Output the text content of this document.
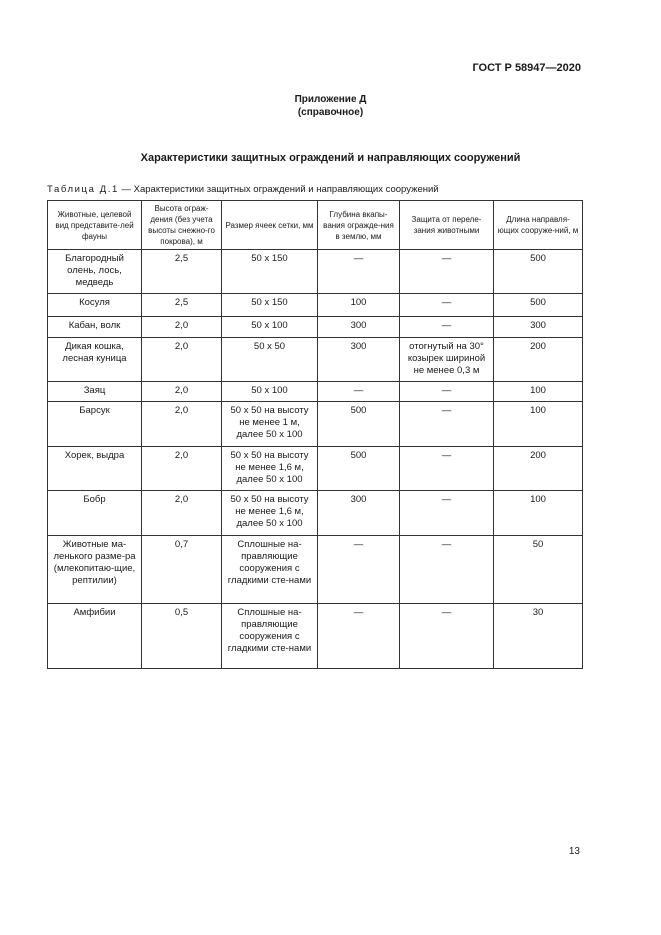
ГОСТ Р 58947—2020
Приложение Д
(справочное)
Характеристики защитных ограждений и направляющих сооружений
Таблица Д.1 — Характеристики защитных ограждений и направляющих сооружений
Животные, целевой вид представите-лей фауны	Высота ограж-дения (без учета высоты снежно-го покрова), м	Размер ячеек сетки, мм	Глубина вкапы-вания огражде-ния в землю, мм	Защита от переле-зания животными	Длина направля-ющих сооруже-ний, м
Благородный олень, лось, медведь	2,5	50 x 150	—	—	500
Косуля	2,5	50 x 150	100	—	500
Кабан, волк	2,0	50 x 100	300	—	300
Дикая кошка, лесная куница	2,0	50 x 50	300	отогнутый на 30° козырек шириной не менее 0,3 м	200
Заяц	2,0	50 x 100	—	—	100
Барсук	2,0	50 x 50 на высоту не менее 1 м, далее 50 x 100	500	—	100
Хорек, выдра	2,0	50 x 50 на высоту не менее 1,6 м, далее 50 x 100	500	—	200
Бобр	2,0	50 x 50 на высоту не менее 1,6 м, далее 50 x 100	300	—	100
Животные ма-ленького разме-ра (млекопитаю-щие, рептилии)	0,7	Сплошные на-правляющие сооружения с гладкими сте-нами	—	—	50
Амфибии	0,5	Сплошные на-правляющие сооружения с гладкими сте-нами	—	—	30
13
